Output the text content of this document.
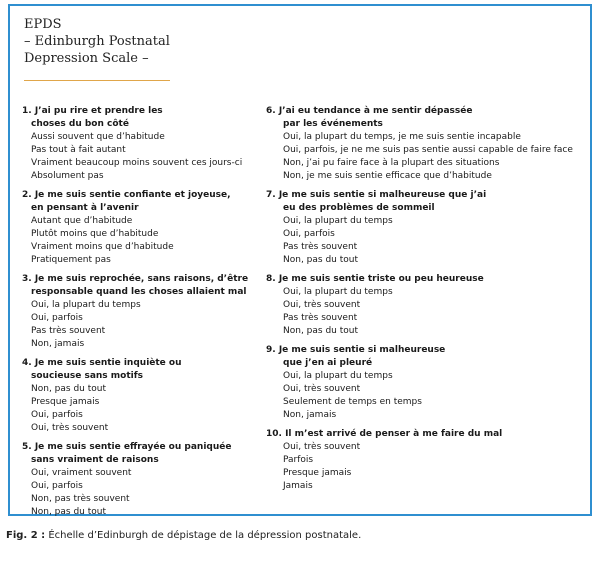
EPDS
– Edinburgh Postnatal
Depression Scale –
1. J’ai pu rire et prendre les
choses du bon côté
Aussi souvent que d’habitude
Pas tout à fait autant
Vraiment beaucoup moins souvent ces jours-ci
Absolument pas
2. Je me suis sentie confiante et joyeuse,
en pensant à l’avenir
Autant que d’habitude
Plutôt moins que d’habitude
Vraiment moins que d’habitude
Pratiquement pas
3. Je me suis reprochée, sans raisons, d’être
responsable quand les choses allaient mal
Oui, la plupart du temps
Oui, parfois
Pas très souvent
Non, jamais
4. Je me suis sentie inquiète ou
soucieuse sans motifs
Non, pas du tout
Presque jamais
Oui, parfois
Oui, très souvent
5. Je me suis sentie effrayée ou paniquée
sans vraiment de raisons
Oui, vraiment souvent
Oui, parfois
Non, pas très souvent
Non, pas du tout
6. J’ai eu tendance à me sentir dépassée
par les événements
Oui, la plupart du temps, je me suis sentie incapable
Oui, parfois, je ne me suis pas sentie aussi capable de faire face
Non, j’ai pu faire face à la plupart des situations
Non, je me suis sentie efficace que d’habitude
7. Je me suis sentie si malheureuse que j’ai
eu des problèmes de sommeil
Oui, la plupart du temps
Oui, parfois
Pas très souvent
Non, pas du tout
8. Je me suis sentie triste ou peu heureuse
Oui, la plupart du temps
Oui, très souvent
Pas très souvent
Non, pas du tout
9. Je me suis sentie si malheureuse
que j’en ai pleuré
Oui, la plupart du temps
Oui, très souvent
Seulement de temps en temps
Non, jamais
10. Il m’est arrivé de penser à me faire du mal
Oui, très souvent
Parfois
Presque jamais
Jamais
Fig. 2 : Échelle d’Edinburgh de dépistage de la dépression postnatale.
